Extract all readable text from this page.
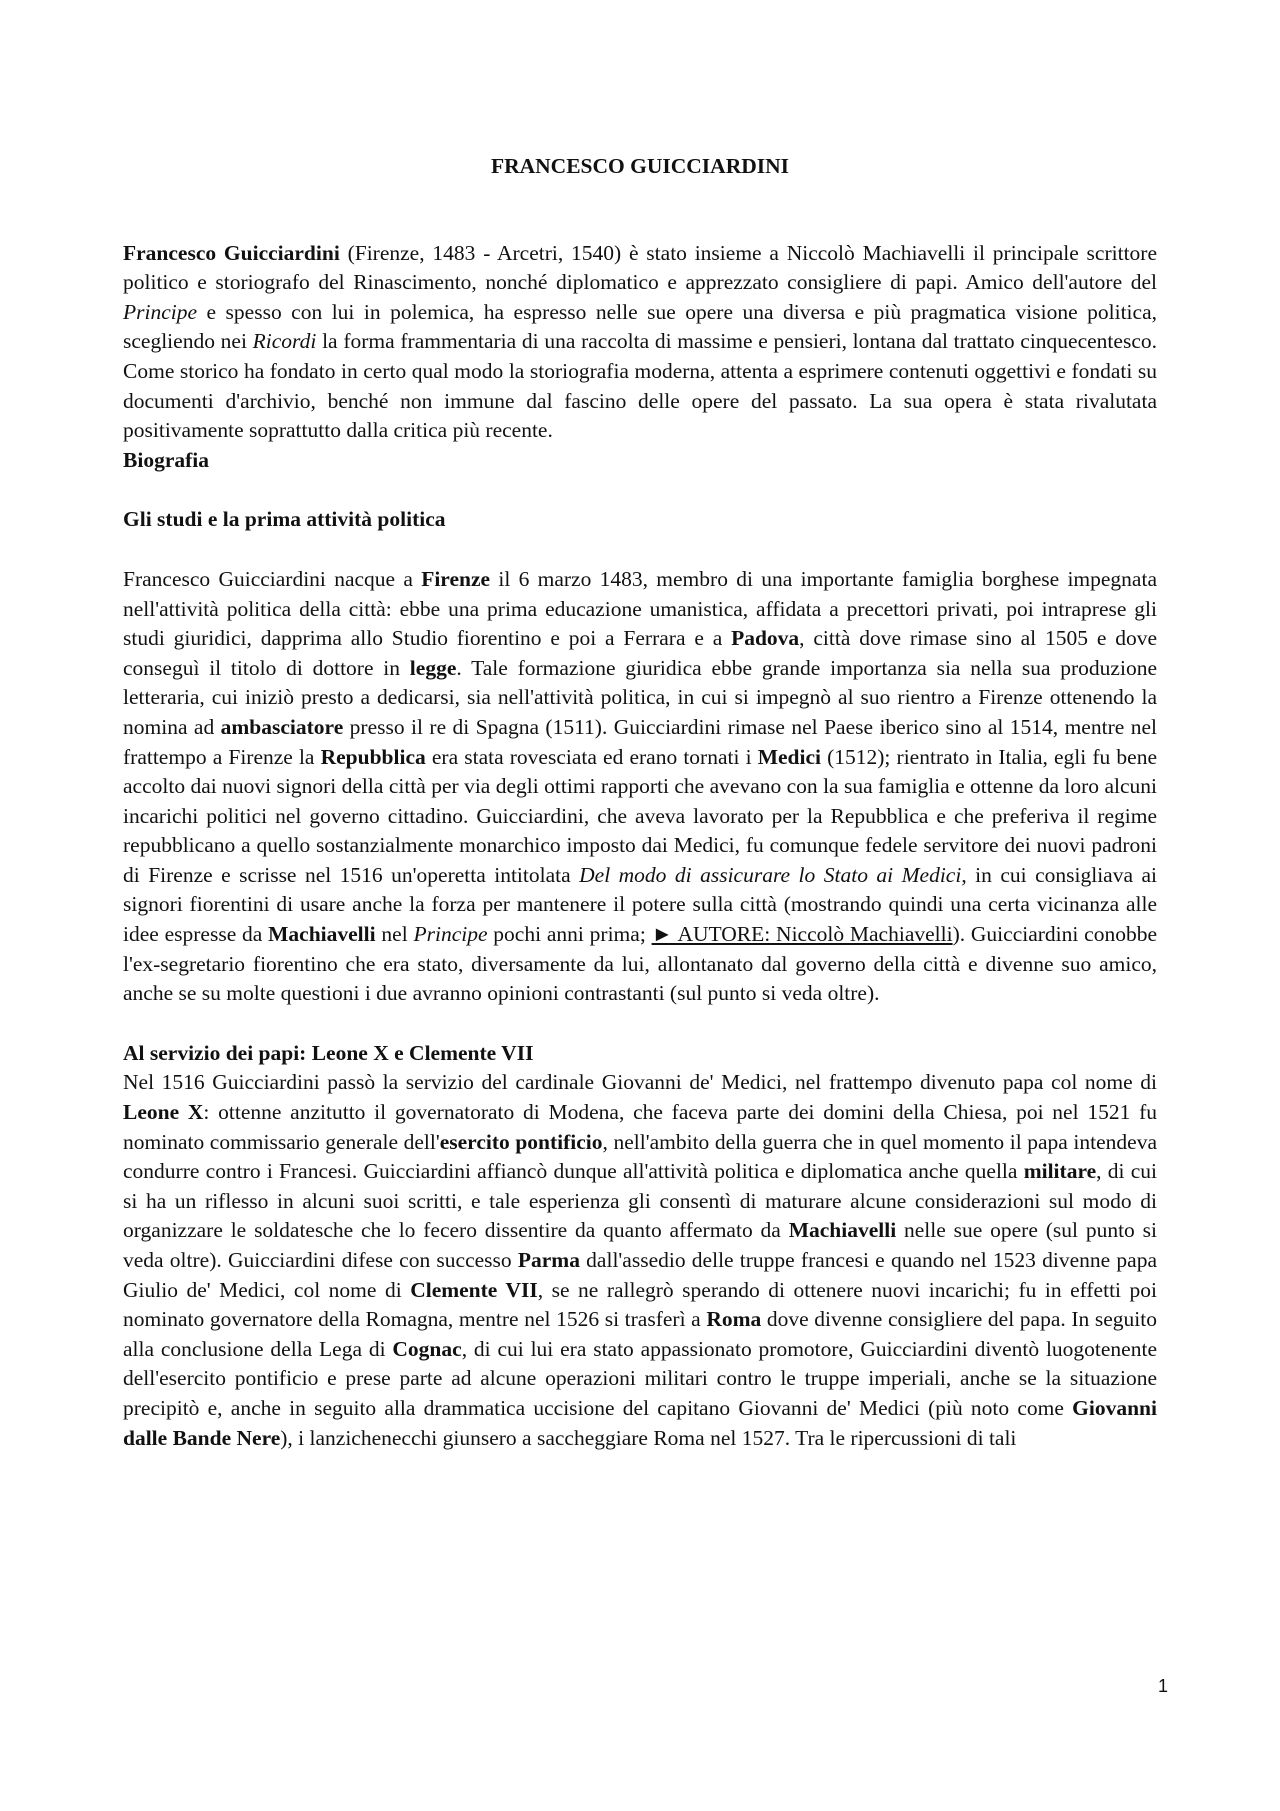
FRANCESCO GUICCIARDINI

Francesco Guicciardini (Firenze, 1483 - Arcetri, 1540) è stato insieme a Niccolò Machiavelli il principale scrittore politico e storiografo del Rinascimento, nonché diplomatico e apprezzato consigliere di papi. Amico dell'autore del Principe e spesso con lui in polemica, ha espresso nelle sue opere una diversa e più pragmatica visione politica, scegliendo nei Ricordi la forma frammentaria di una raccolta di massime e pensieri, lontana dal trattato cinquecentesco. Come storico ha fondato in certo qual modo la storiografia moderna, attenta a esprimere contenuti oggettivi e fondati su documenti d'archivio, benché non immune dal fascino delle opere del passato. La sua opera è stata rivalutata positivamente soprattutto dalla critica più recente.

Biografia
Gli studi e la prima attività politica

Francesco Guicciardini nacque a Firenze il 6 marzo 1483, membro di una importante famiglia borghese impegnata nell'attività politica della città: ebbe una prima educazione umanistica, affidata a precettori privati, poi intraprese gli studi giuridici, dapprima allo Studio fiorentino e poi a Ferrara e a Padova, città dove rimase sino al 1505 e dove conseguì il titolo di dottore in legge. Tale formazione giuridica ebbe grande importanza sia nella sua produzione letteraria, cui iniziò presto a dedicarsi, sia nell'attività politica, in cui si impegnò al suo rientro a Firenze ottenendo la nomina ad ambasciatore presso il re di Spagna (1511). Guicciardini rimase nel Paese iberico sino al 1514, mentre nel frattempo a Firenze la Repubblica era stata rovesciata ed erano tornati i Medici (1512); rientrato in Italia, egli fu bene accolto dai nuovi signori della città per via degli ottimi rapporti che avevano con la sua famiglia e ottenne da loro alcuni incarichi politici nel governo cittadino. Guicciardini, che aveva lavorato per la Repubblica e che preferiva il regime repubblicano a quello sostanzialmente monarchico imposto dai Medici, fu comunque fedele servitore dei nuovi padroni di Firenze e scrisse nel 1516 un'operetta intitolata Del modo di assicurare lo Stato ai Medici, in cui consigliava ai signori fiorentini di usare anche la forza per mantenere il potere sulla città (mostrando quindi una certa vicinanza alle idee espresse da Machiavelli nel Principe pochi anni prima; ► AUTORE: Niccolò Machiavelli). Guicciardini conobbe l'ex-segretario fiorentino che era stato, diversamente da lui, allontanato dal governo della città e divenne suo amico, anche se su molte questioni i due avranno opinioni contrastanti (sul punto si veda oltre).

Al servizio dei papi: Leone X e Clemente VII

Nel 1516 Guicciardini passò la servizio del cardinale Giovanni de' Medici, nel frattempo divenuto papa col nome di Leone X: ottenne anzitutto il governatorato di Modena, che faceva parte dei domini della Chiesa, poi nel 1521 fu nominato commissario generale dell'esercito pontificio, nell'ambito della guerra che in quel momento il papa intendeva condurre contro i Francesi. Guicciardini affiancò dunque all'attività politica e diplomatica anche quella militare, di cui si ha un riflesso in alcuni suoi scritti, e tale esperienza gli consentì di maturare alcune considerazioni sul modo di organizzare le soldatesche che lo fecero dissentire da quanto affermato da Machiavelli nelle sue opere (sul punto si veda oltre). Guicciardini difese con successo Parma dall'assedio delle truppe francesi e quando nel 1523 divenne papa Giulio de' Medici, col nome di Clemente VII, se ne rallegrò sperando di ottenere nuovi incarichi; fu in effetti poi nominato governatore della Romagna, mentre nel 1526 si trasferì a Roma dove divenne consigliere del papa. In seguito alla conclusione della Lega di Cognac, di cui lui era stato appassionato promotore, Guicciardini diventò luogotenente dell'esercito pontificio e prese parte ad alcune operazioni militari contro le truppe imperiali, anche se la situazione precipitò e, anche in seguito alla drammatica uccisione del capitano Giovanni de' Medici (più noto come Giovanni dalle Bande Nere), i lanzichenecchi giunsero a saccheggiare Roma nel 1527. Tra le ripercussioni di tali

1
